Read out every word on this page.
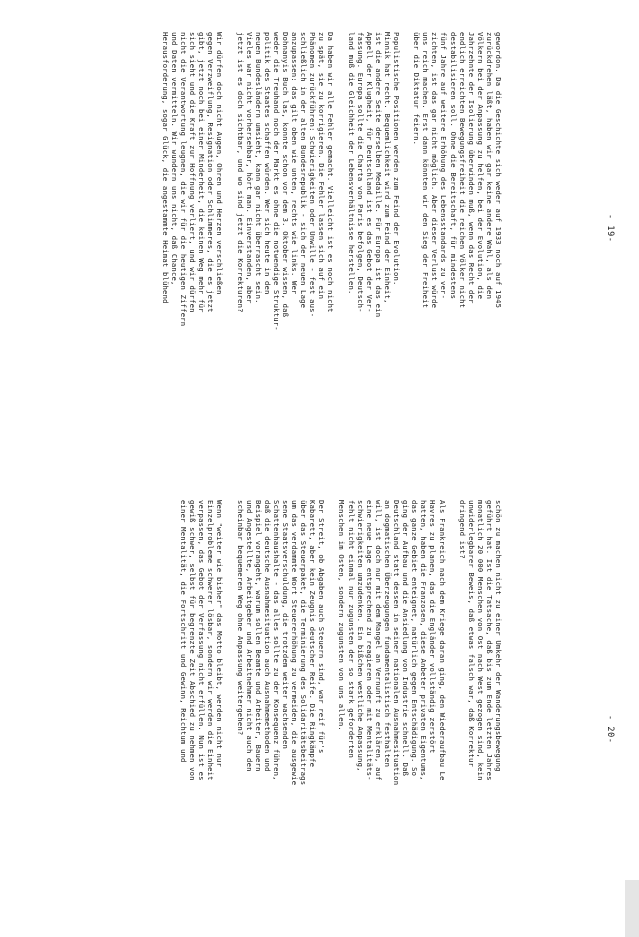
- 19-

gewordon. Da die Geschichte sich weder auf 1933 noch auf 1945
zurückdrehen läßt, haben wir gar keine andere Wahl, als den
Völkern bei der Anpassung zu helfen, bei der Evolution, die
Jahrzehnte der Isolierung überwinden muß, wenn das Recht der
endlich erreichten Bewegungsfreiheit die reichen Völker nicht
destabilisieren soll. Ohne die Bereitschaft, für mindestens
fünf Jahre auf weitere Erhöhung des Lebensstandards zu ver-
zichten, ist das gar nicht möglich. Aber dieser Verlust würde
uns reich machen. Erst dann könnten wir den Sieg der Freiheit
über die Diktatur feiern.

Populistische Positionen werden zum Feind der Evolution.
Minnik hat recht. Bequemlichkeit wird zum Feind der Einheit,
ist die andere Seite derselben Medaille. Für Europa ist das ein
Appell der Klugheit, für Deutschland ist es das Gebot der Ver-
fassung. Europa sollte die Charta von Paris befolgen, Deutsch-
land muß die Gleichheit der Lebensverhältnisse herstellen.

Da haben wir alle Fehler gemacht. Vielleicht ist es noch nicht
zu spät, sie zu korrigieren. Die Fehler lassen sich auf ein
Phänomen zurückführen: Schwierigkeiten oder Unwille - fest aus-
schließlich in der alten Bundesrepublik - sich der neuen Lage
anzupassen: das gilt oben wie unten, rechts wie links. Wer
Dohnanyis Buch las, konnte schon vor dem 3. Oktober wissen, daß
weder die Treuhand noch der Markt es ohne die notwendige Struktur-
politik des Staates schaffen würden. Wer sich heute in den
neuen Bundesländern umsieht, kann gar nicht überrascht sein.
Vieles war nicht vorhersehbar, hört man. Einverstanden, aber
jetzt ist es doch sichtbar, und wo sind jetzt die Korrekturen?

Wir dürfen doch nicht Augen, Ohren und Herzen verschließen
gegen Verzweiflung, Resignation oder Schlimmeres, die es jetzt
gibt, jetzt noch bei einer Minderheit, die keinen Weg mehr für
sich sieht und die Kraft zur Hoffnung verliert, und wir dürfen
nicht die Verantwortung leugnen, die wir für die heutigen Ziffern
und Daten vermitteln. Wir wundern uns nicht, daß Chance,
Herausforderung, sogar Glück, die angestammte Heimat blühend

- 20-

schön zu machen nicht zu einer Umkehr der Wanderungsbewegung
geführt hat. Ist die Tatsache, daß bis zum Ende letzten Jahres
monatlich 20 000 Menschen von Ost nach West gezogen sind, kein
unwiderlegbarer Beweis, daß etwas falsch war, daß Korrektur
dringend ist?

Als Frankreich nach dem Kriege daran ging, den Wiederaufbau Le
Havres zu planen, das die Engländer vollständig zerstört
hatten, haben die Franzosen, diese Anbeter privaten Eigentums,
das ganze Gebiet enteignet, natürlich gegen Entschädigung. So
ging der Aufbau und die Ansiedlung von Industrie schnell. Daß
Deutschland statt dessen in seiner nationalen Ausnahmesituation
an dogmatischen Überzeugungen fundamentalistisch festhalten
will, ist doch nur mit dem Mangel an Vernunft zu erklären, auf
eine neue Lage entsprechend zu reagieren oder mit Mentalitäts-
schwierigkeiten umzudenken. Ein bißchen westliche Anpassung,
fehlt nicht einmal nur zugunsten der so stark geforderten
Menschen im Osten, sondern zugunsten von uns allen.

Der Streit, ob Abgaben auch Steuern sind, war reif für's
Kabarett, aber kein Zeugnis deutscher Reife. Die Ringkämpfe
über das Steuerpaket, die Terminierung des Solidaritätsbeitrags
um das verdammte Wort Steuererhöhung zu vermeiden, die ausgewie
sene Staatsverschuldung, die trotzdem weiter wachsenden
Schattenhaushalte - das alles sollte zu der Konsequenz führen,
daß die deutsche Ausnahmesituation auch Ausnahmemethoden und
Beispiel vorangeht, warum sollen Beamte und Arbeiter, Bauern
und Angestellte, Arbeitgeber und Arbeitnehmer nicht auch den
scheinbar bequemeren Weg ohne Anpassung weitergehen?

Wenn "weiter wie bisher" das Motto bleibt, werden nicht nur
Einzelprobleme schwerer lösbar, sondern wir werden die Einheit
verpassen, das Gebot der Verfassung nicht erfüllen. Nun ist es
gewiß schwer, selbst für begrenzte Zeit Abschied zu nehmen von
einer Mentalität, die Fortschritt und Gewinn, Reichtum und
